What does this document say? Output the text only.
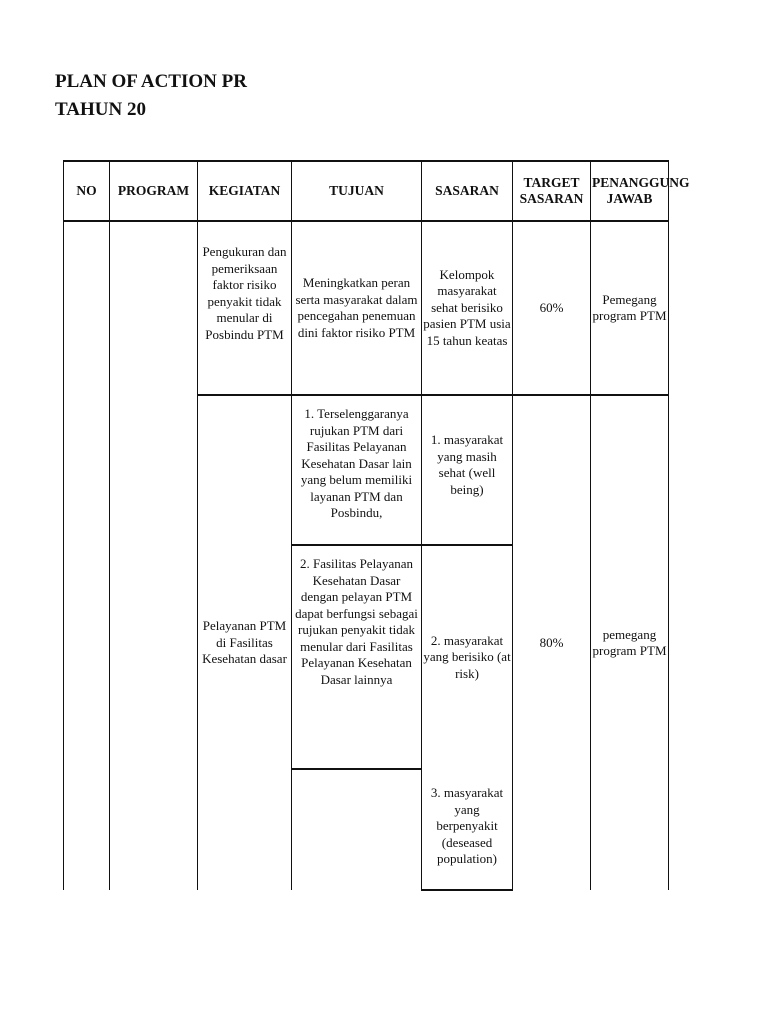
PLAN OF ACTION PR
TAHUN 20
NO	PROGRAM	KEGIATAN	TUJUAN	SASARAN	TARGET SASARAN	PENANGGUNG JAWAB
		Pengukuran dan pemeriksaan faktor risiko penyakit tidak menular di Posbindu PTM	Meningkatkan peran serta masyarakat dalam pencegahan penemuan dini faktor risiko PTM	Kelompok masyarakat sehat berisiko pasien PTM usia 15 tahun keatas	60%	Pemegang program PTM
		Pelayanan PTM di Fasilitas Kesehatan dasar	1. Terselenggaranya rujukan PTM dari Fasilitas Pelayanan Kesehatan Dasar lain yang belum memiliki layanan PTM dan Posbindu,	1. masyarakat yang masih sehat (well being)	80%	pemegang program PTM
			2. Fasilitas Pelayanan Kesehatan Dasar dengan pelayan PTM dapat berfungsi sebagai rujukan penyakit tidak menular dari Fasilitas Pelayanan Kesehatan Dasar lainnya	2. masyarakat yang berisiko (at risk)		
				3. masyarakat yang berpenyakit (deseased population)		
